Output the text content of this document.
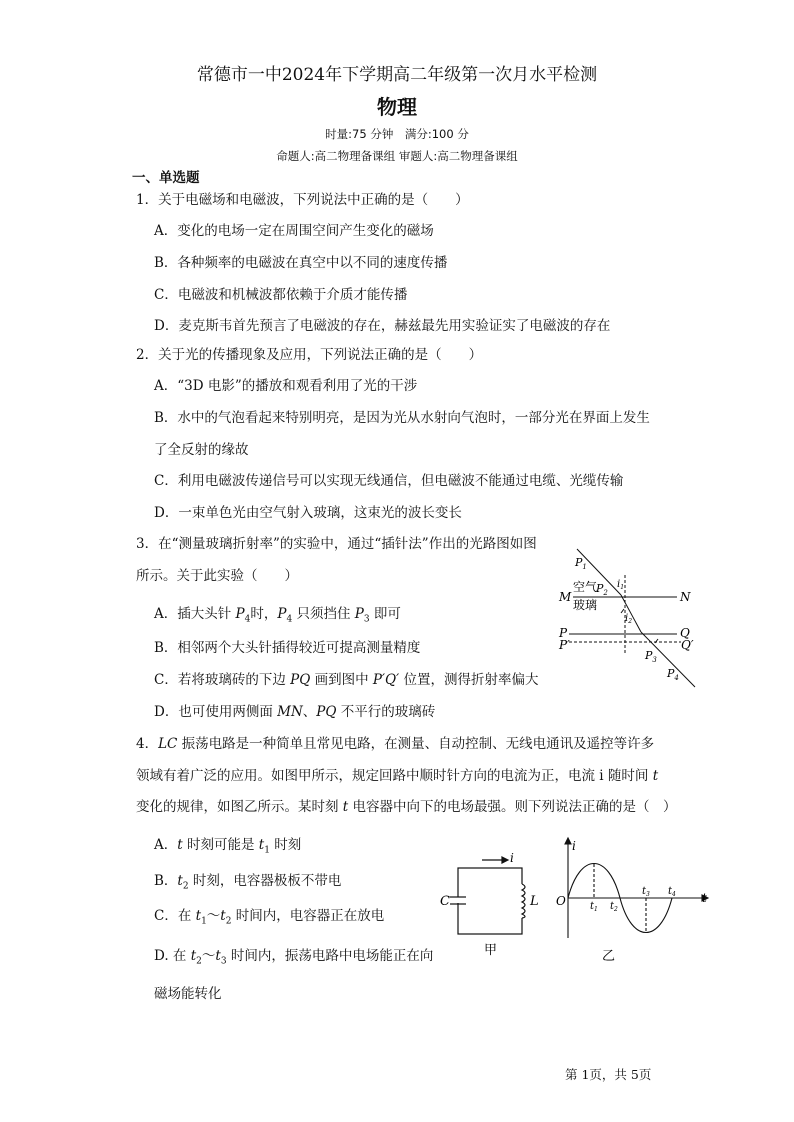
常德市一中2024年下学期高二年级第一次月水平检测
物理
时量:75 分钟　满分:100 分
命题人:高二物理备课组 审题人:高二物理备课组
一、单选题
1．关于电磁场和电磁波，下列说法中正确的是（　　）
A．变化的电场一定在周围空间产生变化的磁场
B．各种频率的电磁波在真空中以不同的速度传播
C．电磁波和机械波都依赖于介质才能传播
D．麦克斯韦首先预言了电磁波的存在，赫兹最先用实验证实了电磁波的存在
2．关于光的传播现象及应用，下列说法正确的是（　　）
A．“3D 电影”的播放和观看利用了光的干涉
B．水中的气泡看起来特别明亮，是因为光从水射向气泡时，一部分光在界面上发生
了全反射的缘故
C．利用电磁波传递信号可以实现无线通信，但电磁波不能通过电缆、光缆传输
D．一束单色光由空气射入玻璃，这束光的波长变长
3．在“测量玻璃折射率”的实验中，通过“插针法”作出的光路图如图
所示。关于此实验（　　）
A．插大头针 $P_4$时，$P_4$ 只须挡住 $P_3$ 即可
B．相邻两个大头针插得较近可提高测量精度
C．若将玻璃砖的下边 PQ 画到图中 P′Q′ 位置，测得折射率偏大
D．也可使用两侧面 MN、PQ 不平行的玻璃砖
空气
玻璃
M	N
P	Q
P′	Q′
$P_1$
$P_2$
$P_3$
$P_4$
$i_1$
$i_2$
4．LC 振荡电路是一种简单且常见电路，在测量、自动控制、无线电通讯及遥控等许多
领域有着广泛的应用。如图甲所示，规定回路中顺时针方向的电流为正，电流 i 随时间 t
变化的规律，如图乙所示。某时刻 t 电容器中向下的电场最强。则下列说法正确的是（　）
A．t 时刻可能是 $t_1$ 时刻
B．$t_2$ 时刻，电容器极板不带电
C．在 $t_1\sim t_2$ 时间内，电容器正在放电
D. 在 $t_2\sim t_3$ 时间内，振荡电路中电场能正在向
磁场能转化
C	L
i
甲
i
t
O $t_1$ $t_2$
$t_3$ $t_4$
乙
第 1页，共 5页
